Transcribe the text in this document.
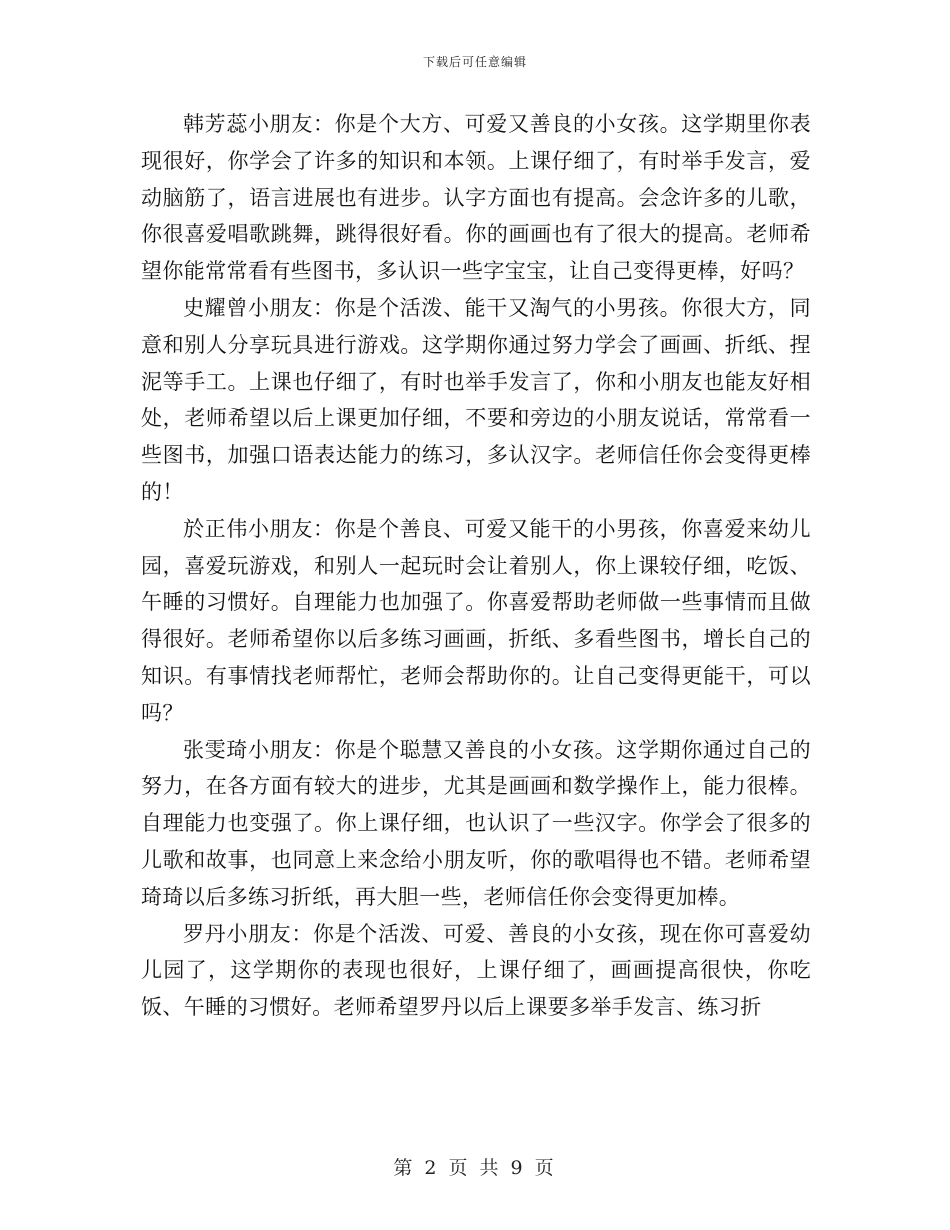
下载后可任意编辑

韩芳蕊小朋友：你是个大方、可爱又善良的小女孩。这学期里你表现很好，你学会了许多的知识和本领。上课仔细了，有时举手发言，爱动脑筋了，语言进展也有进步。认字方面也有提高。会念许多的儿歌，你很喜爱唱歌跳舞，跳得很好看。你的画画也有了很大的提高。老师希望你能常常看有些图书，多认识一些字宝宝，让自己变得更棒，好吗？

史耀曾小朋友：你是个活泼、能干又淘气的小男孩。你很大方，同意和别人分享玩具进行游戏。这学期你通过努力学会了画画、折纸、捏泥等手工。上课也仔细了，有时也举手发言了，你和小朋友也能友好相处，老师希望以后上课更加仔细，不要和旁边的小朋友说话，常常看一些图书，加强口语表达能力的练习，多认汉字。老师信任你会变得更棒的！

於正伟小朋友：你是个善良、可爱又能干的小男孩，你喜爱来幼儿园，喜爱玩游戏，和别人一起玩时会让着别人，你上课较仔细，吃饭、午睡的习惯好。自理能力也加强了。你喜爱帮助老师做一些事情而且做得很好。老师希望你以后多练习画画，折纸、多看些图书，增长自己的知识。有事情找老师帮忙，老师会帮助你的。让自己变得更能干，可以吗？

张雯琦小朋友：你是个聪慧又善良的小女孩。这学期你通过自己的努力，在各方面有较大的进步，尤其是画画和数学操作上，能力很棒。自理能力也变强了。你上课仔细，也认识了一些汉字。你学会了很多的儿歌和故事，也同意上来念给小朋友听，你的歌唱得也不错。老师希望琦琦以后多练习折纸，再大胆一些，老师信任你会变得更加棒。

罗丹小朋友：你是个活泼、可爱、善良的小女孩，现在你可喜爱幼儿园了，这学期你的表现也很好，上课仔细了，画画提高很快，你吃饭、午睡的习惯好。老师希望罗丹以后上课要多举手发言、练习折

第 2 页 共 9 页
